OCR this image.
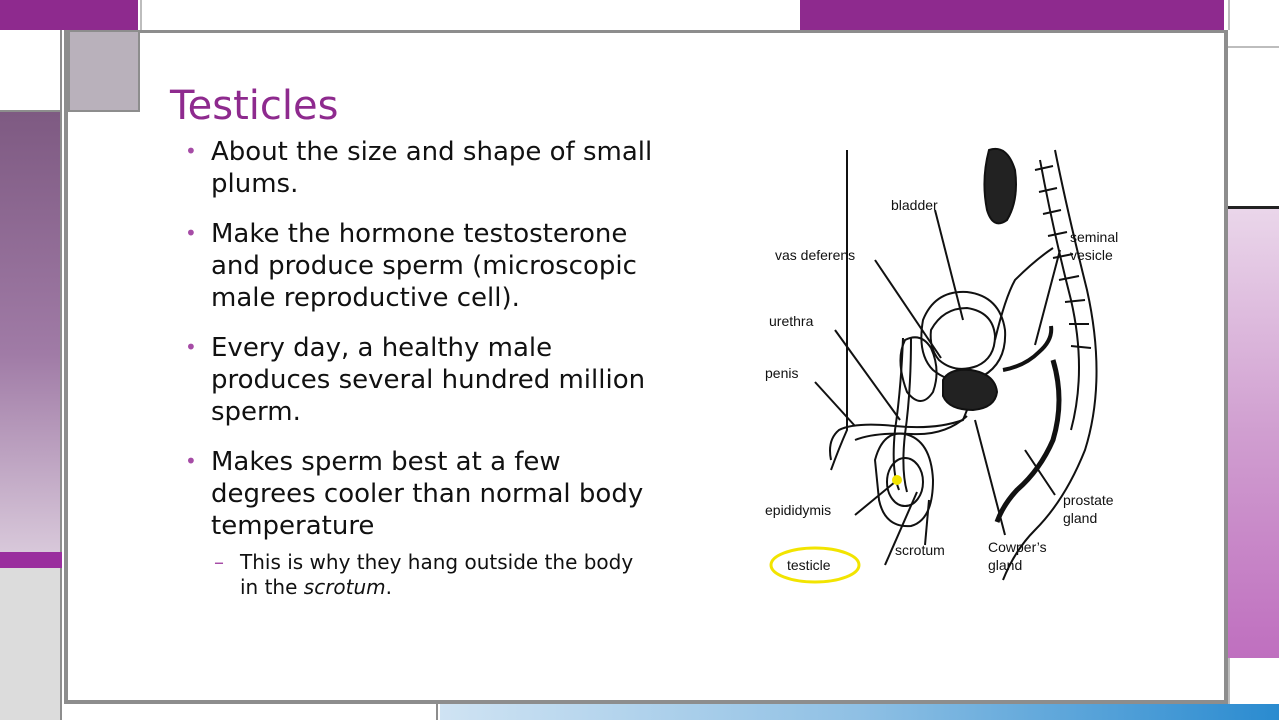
Testicles
• About the size and shape of small plums.
• Make the hormone testosterone and produce sperm (microscopic male reproductive cell).
• Every day, a healthy male produces several hundred million sperm.
• Makes sperm best at a few degrees cooler than normal body temperature
– This is why they hang outside the body in the scrotum.
bladder
vas deferens
seminal
vesicle
urethra
penis
epididymis
testicle
scrotum	Cowper’s
gland
prostate
gland
